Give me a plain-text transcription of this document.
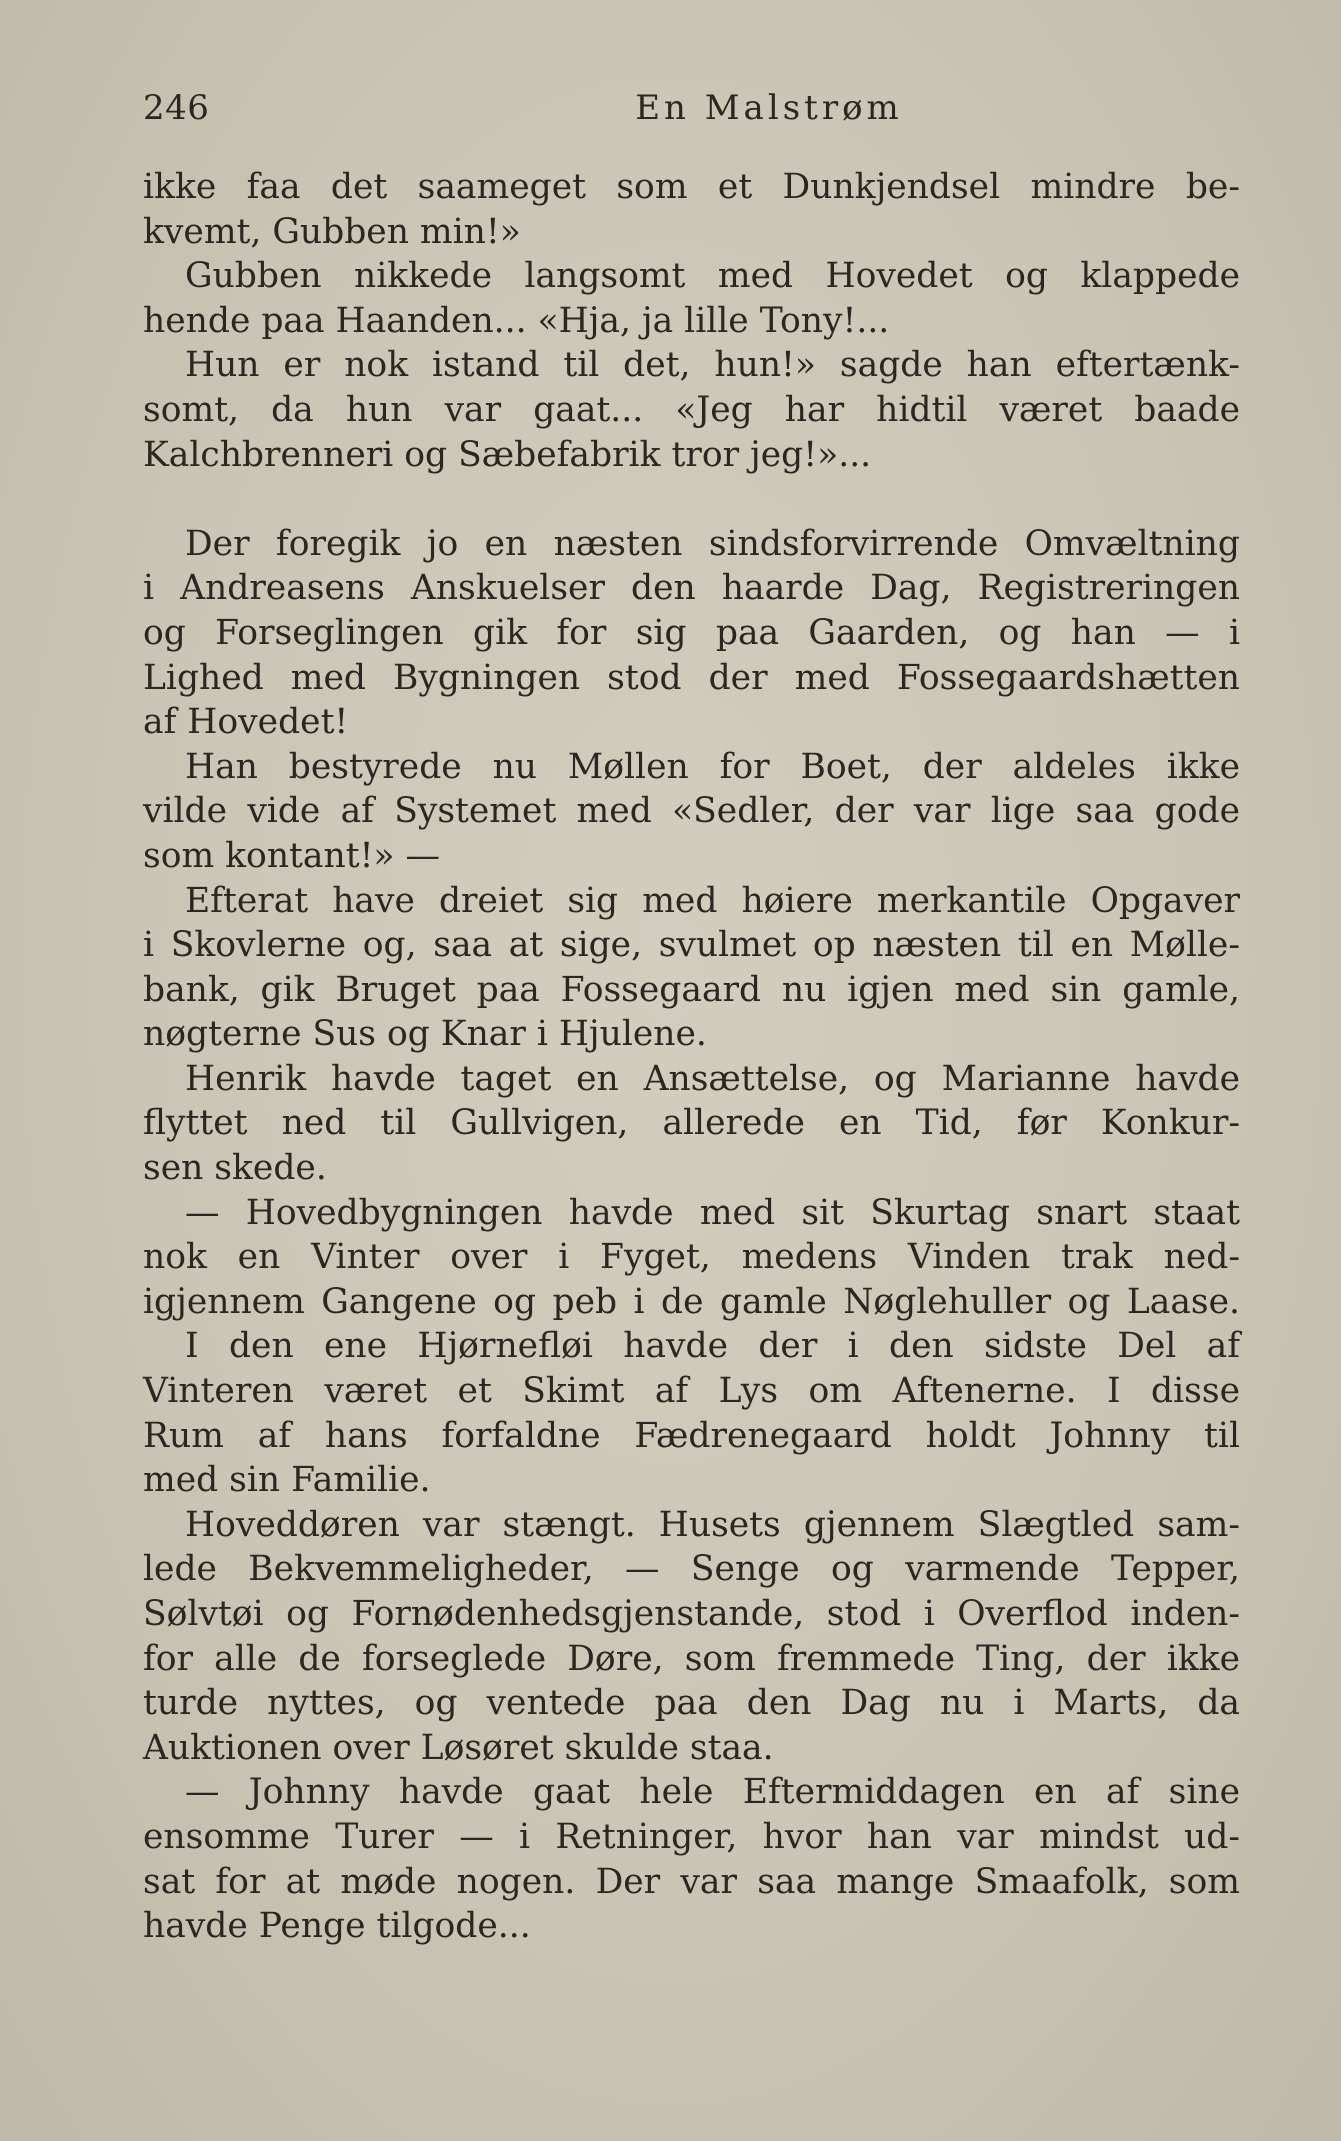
246	En Malstrøm
ikke faa det saameget som et Dunkjendsel mindre be-
kvemt, Gubben min!»
Gubben nikkede langsomt med Hovedet og klappede
hende paa Haanden... «Hja, ja lille Tony!...
Hun er nok istand til det, hun!» sagde han eftertænk-
somt, da hun var gaat... «Jeg har hidtil været baade
Kalchbrenneri og Sæbefabrik tror jeg!»...
Der foregik jo en næsten sindsforvirrende Omvæltning
i Andreasens Anskuelser den haarde Dag, Registreringen
og Forseglingen gik for sig paa Gaarden, og han — i
Lighed med Bygningen stod der med Fossegaardshætten
af Hovedet!
Han bestyrede nu Møllen for Boet, der aldeles ikke
vilde vide af Systemet med «Sedler, der var lige saa gode
som kontant!» —
Efterat have dreiet sig med høiere merkantile Opgaver
i Skovlerne og, saa at sige, svulmet op næsten til en Mølle-
bank, gik Bruget paa Fossegaard nu igjen med sin gamle,
nøgterne Sus og Knar i Hjulene.
Henrik havde taget en Ansættelse, og Marianne havde
flyttet ned til Gullvigen, allerede en Tid, før Konkur-
sen skede.
— Hovedbygningen havde med sit Skurtag snart staat
nok en Vinter over i Fyget, medens Vinden trak ned-
igjennem Gangene og peb i de gamle Nøglehuller og Laase.
I den ene Hjørnefløi havde der i den sidste Del af
Vinteren været et Skimt af Lys om Aftenerne. I disse
Rum af hans forfaldne Fædrenegaard holdt Johnny til
med sin Familie.
Hoveddøren var stængt. Husets gjennem Slægtled sam-
lede Bekvemmeligheder, — Senge og varmende Tepper,
Sølvtøi og Fornødenhedsgjenstande, stod i Overflod inden-
for alle de forseglede Døre, som fremmede Ting, der ikke
turde nyttes, og ventede paa den Dag nu i Marts, da
Auktionen over Løsøret skulde staa.
— Johnny havde gaat hele Eftermiddagen en af sine
ensomme Turer — i Retninger, hvor han var mindst ud-
sat for at møde nogen. Der var saa mange Smaafolk, som
havde Penge tilgode...
